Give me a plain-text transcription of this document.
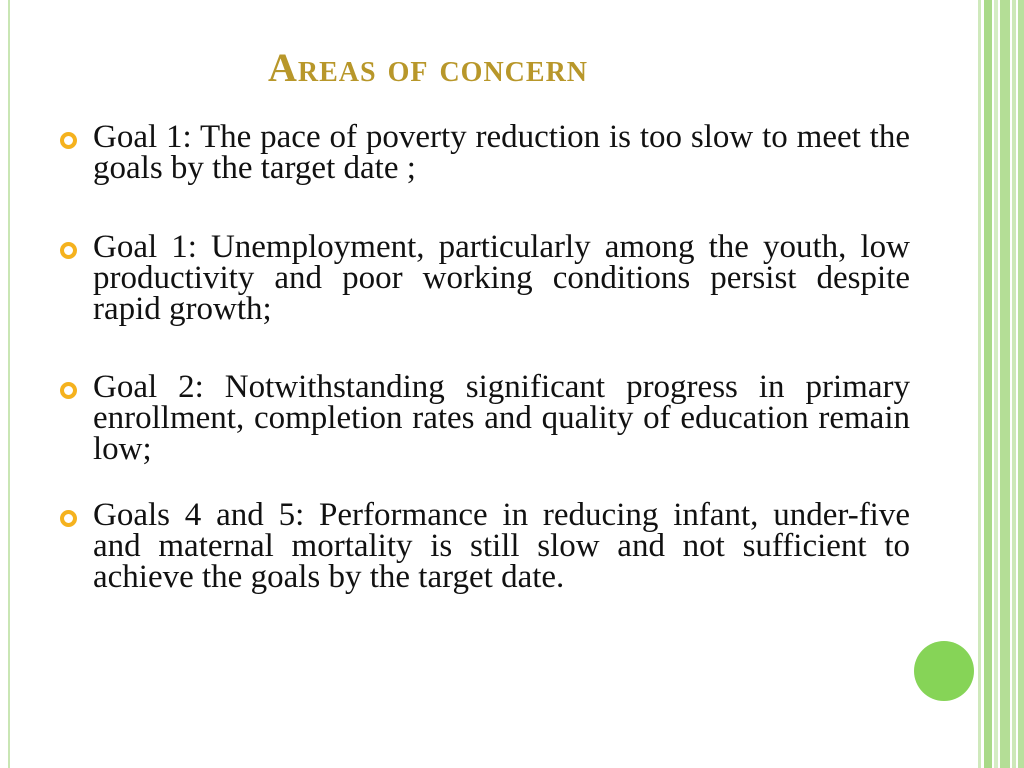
Areas of concern
Goal 1: The pace of poverty reduction is too slow to meet the goals by the target date ;
Goal 1: Unemployment, particularly among the youth, low productivity and poor working conditions persist despite rapid growth;
Goal 2: Notwithstanding significant progress in primary enrollment, completion rates and quality of education remain low;
Goals 4 and 5: Performance in reducing infant, under-five and maternal mortality is still slow and not sufficient to achieve the goals by the target date.
